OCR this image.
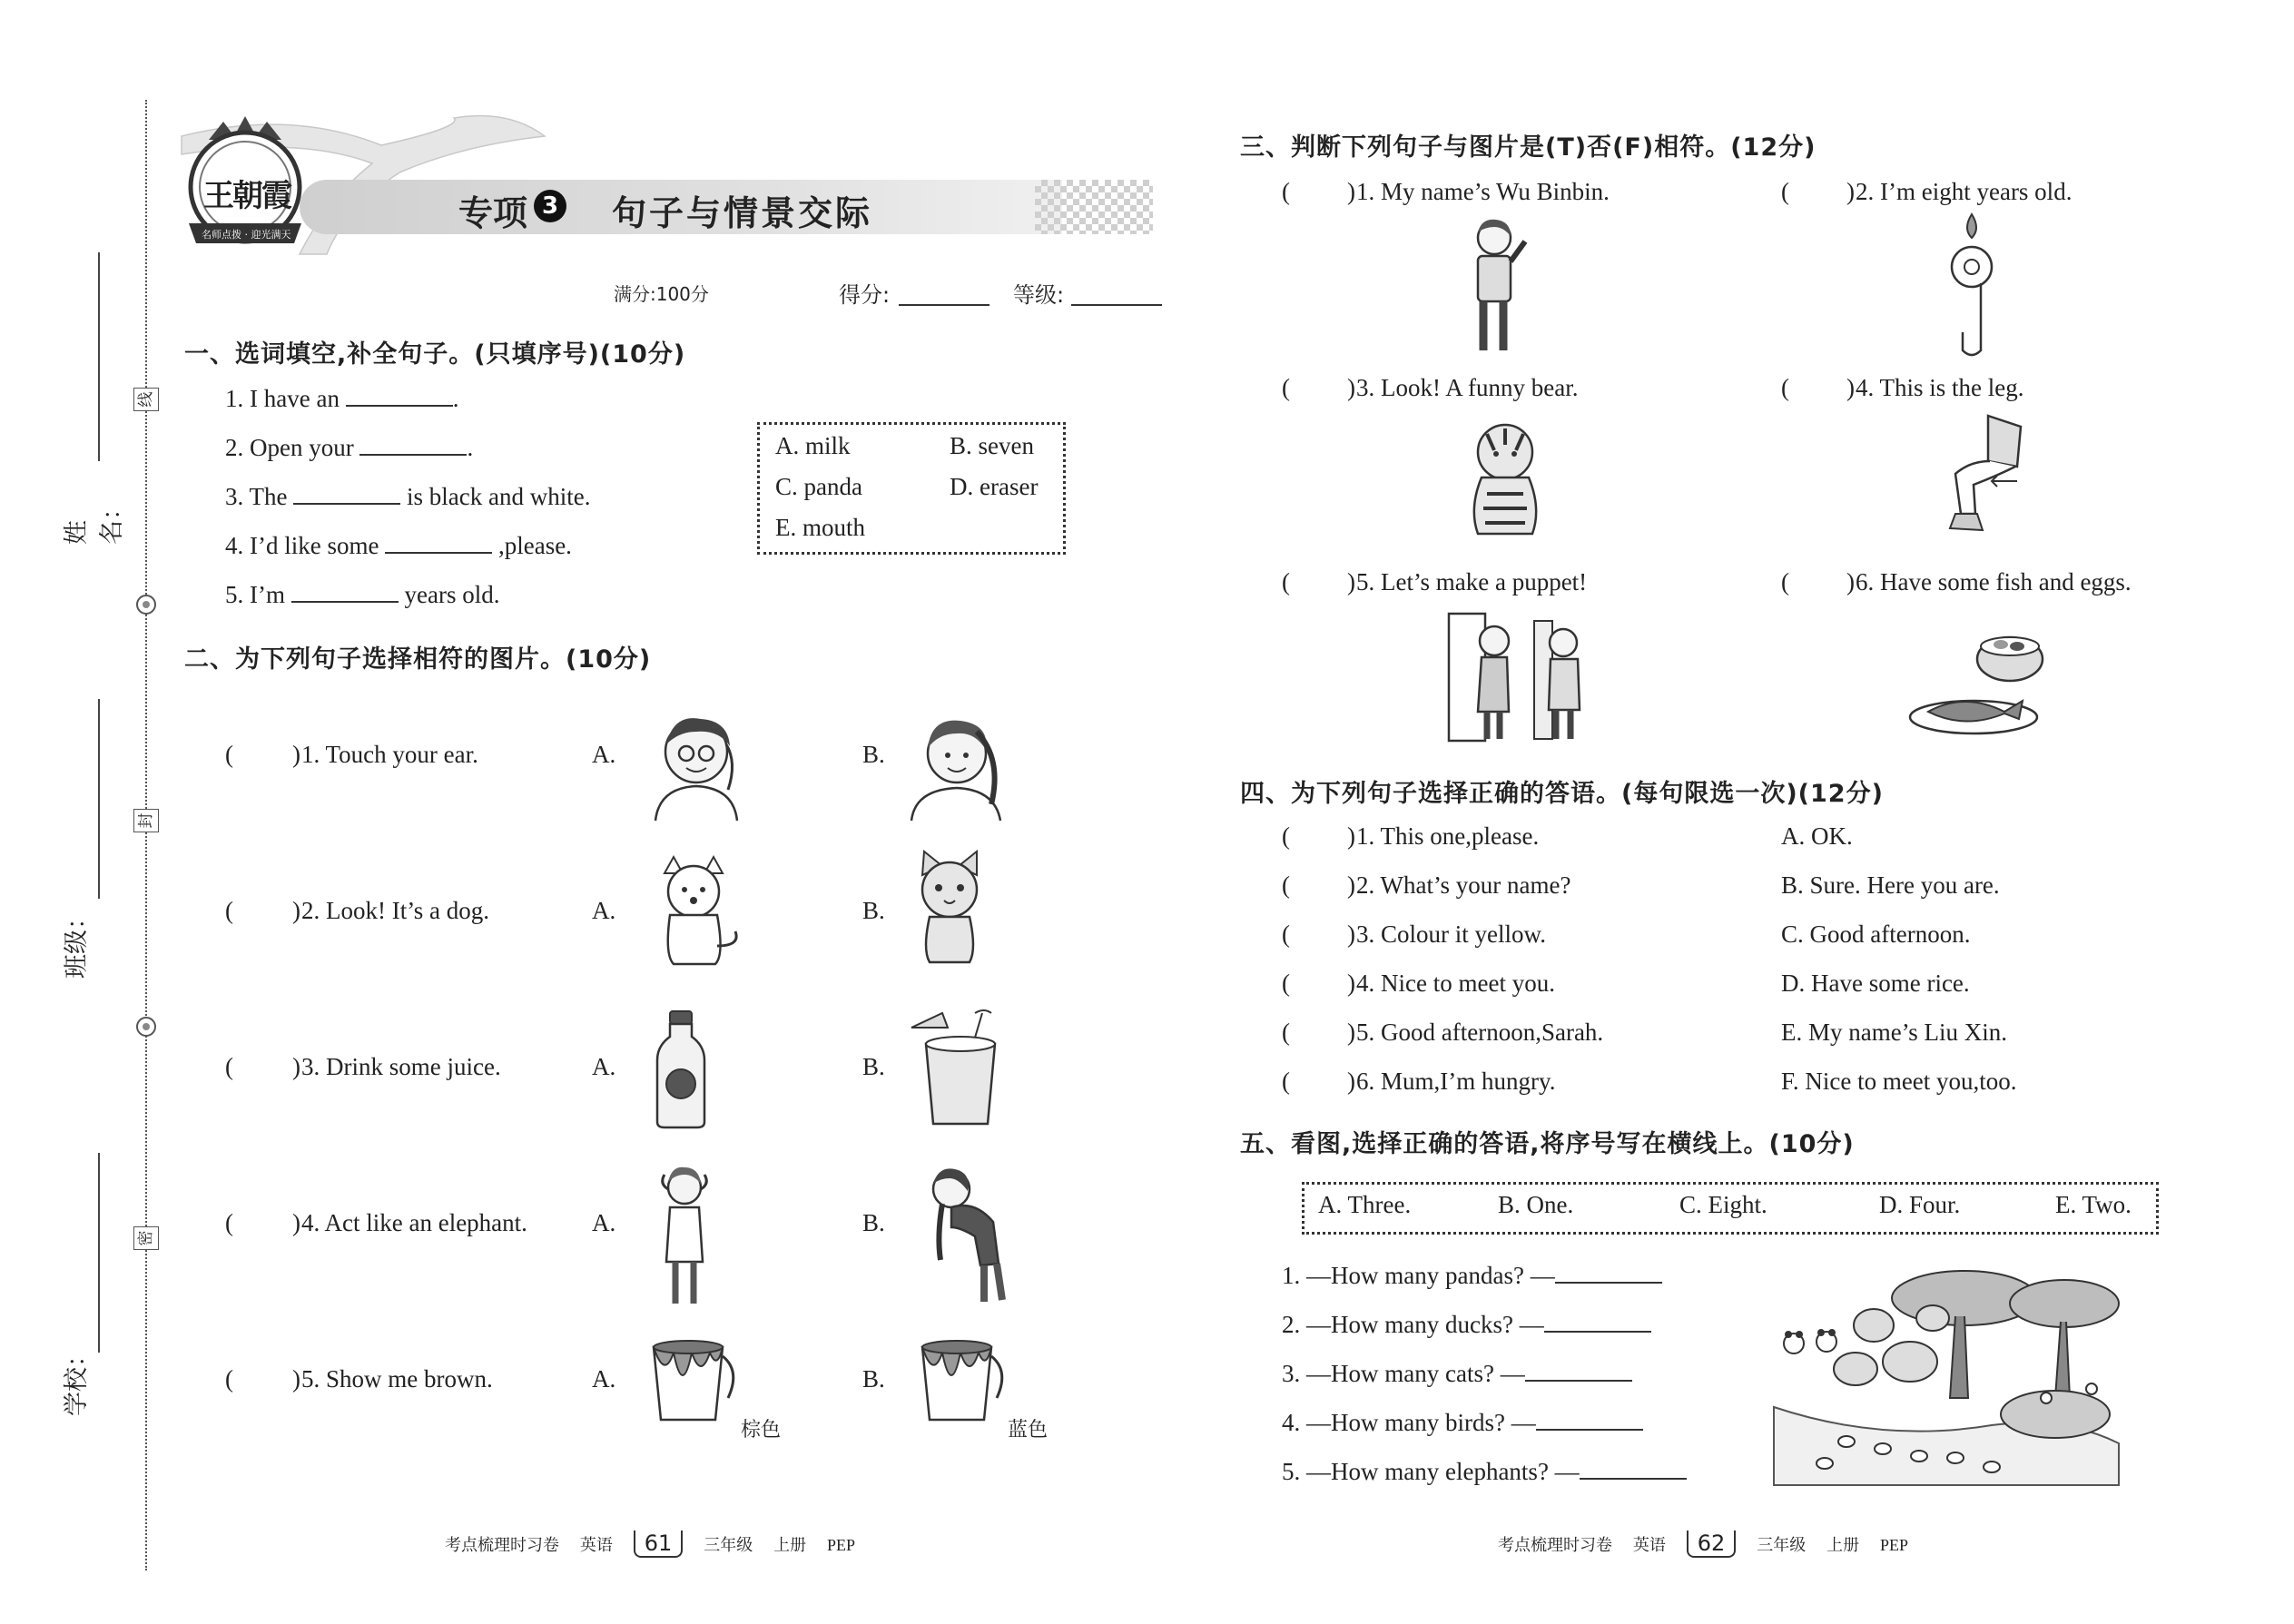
线
封
密
姓名：
班级：
学校：
王朝霞
名师点拨 · 迎光满天
专项 3 句子与情景交际
满分:100分	得分:	等级:
一、选词填空,补全句子。(只填序号)(10分)
1. I have an	.
2. Open your	.
3. The	is black and white.
4. I’d like some	,please.
5. I’m	years old.
A. milk	B. seven
C. panda	D. eraser
E. mouth
二、为下列句子选择相符的图片。(10分)
( ) 1. Touch your ear.	A.	B.
( ) 2. Look! It’s a dog.	A.	B.
( ) 3. Drink some juice.	A.	B.
( ) 4. Act like an elephant.	A.	B.
( ) 5. Show me brown.	A.	B.
棕色	蓝色
考点梳理时习卷 英语 61 三年级 上册 PEP
三、判断下列句子与图片是(T)否(F)相符。(12分)
( ) 1. My name’s Wu Binbin.	( ) 2. I’m eight years old.
( ) 3. Look! A funny bear.	( ) 4. This is the leg.
( ) 5. Let’s make a puppet!	( ) 6. Have some fish and eggs.
四、为下列句子选择正确的答语。(每句限选一次)(12分)
( ) 1. This one,please.	A. OK.
( ) 2. What’s your name?	B. Sure. Here you are.
( ) 3. Colour it yellow.	C. Good afternoon.
( ) 4. Nice to meet you.	D. Have some rice.
( ) 5. Good afternoon,Sarah.	E. My name’s Liu Xin.
( ) 6. Mum,I’m hungry.	F. Nice to meet you,too.
五、看图,选择正确的答语,将序号写在横线上。(10分)
A. Three.	B. One.	C. Eight.	D. Four.	E. Two.
1. —How many pandas? —
2. —How many ducks? —
3. —How many cats? —
4. —How many birds? —
5. —How many elephants? —
考点梳理时习卷 英语 62 三年级 上册 PEP
